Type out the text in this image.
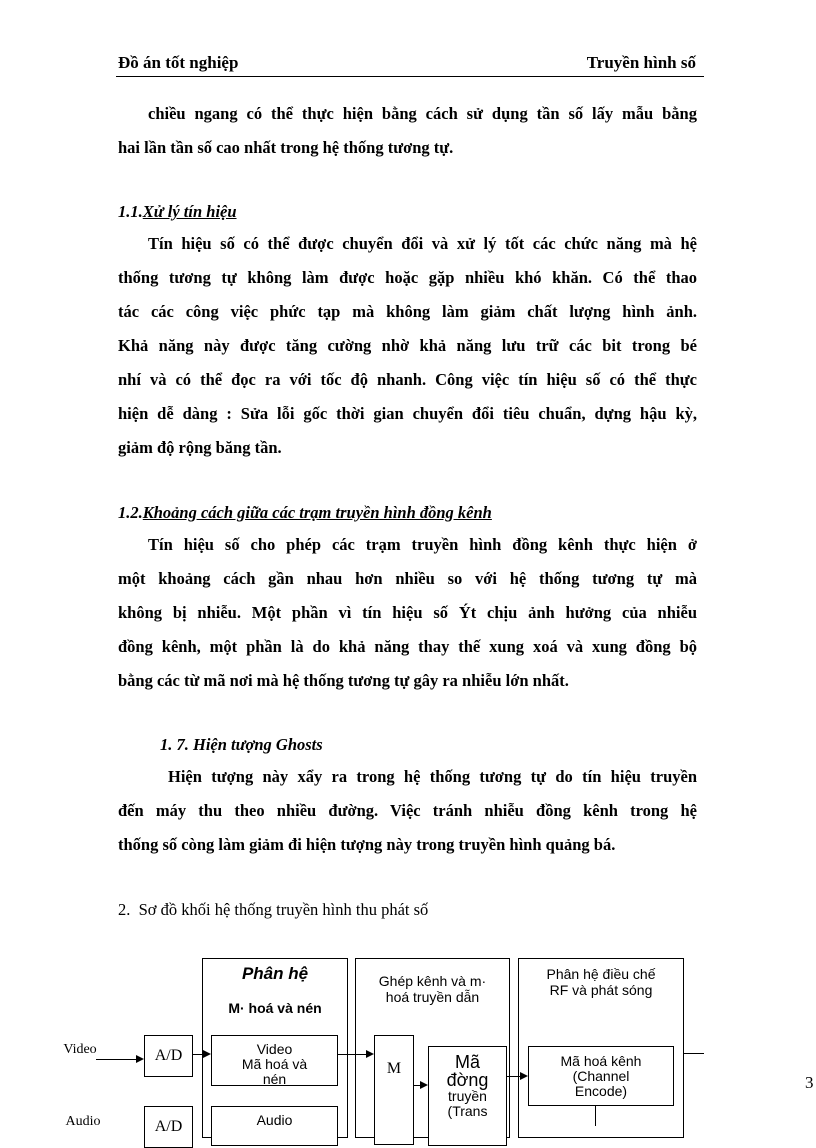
Đồ án tốt nghiệp	Truyền hình số
chiều ngang có thể thực hiện bằng cách sử dụng tần số lấy mẫu bằng
hai lần tần số cao nhất trong hệ thống tương tự.
1.1.Xử lý tín hiệu
Tín hiệu số có thể được chuyển đổi và xử lý tốt các chức năng mà hệ
thống tương tự không làm được hoặc gặp nhiều khó khăn. Có thể thao
tác các công việc phức tạp mà không làm giảm chất lượng hình ảnh.
Khả năng này được tăng cường nhờ khả năng lưu trữ các bit trong bé
nhí và có thể đọc ra với tốc độ nhanh. Công việc tín hiệu số có thể thực
hiện dễ dàng : Sửa lỗi gốc thời gian chuyển đổi tiêu chuẩn, dựng hậu kỳ,
giảm độ rộng băng tần.
1.2.Khoảng cách giữa các trạm truyền hình đồng kênh
Tín hiệu số cho phép các trạm truyền hình đồng kênh thực hiện ở
một khoảng cách gần nhau hơn nhiều so với hệ thống tương tự mà
không bị nhiễu. Một phần vì tín hiệu số Ýt chịu ảnh hưởng của nhiễu
đồng kênh, một phần là do khả năng thay thế xung xoá và xung đồng bộ
bằng các từ mã nơi mà hệ thống tương tự gây ra nhiễu lớn nhất.
1. 7. Hiện tượng Ghosts
Hiện tượng này xẩy ra trong hệ thống tương tự do tín hiệu truyền
đến máy thu theo nhiều đường. Việc tránh nhiễu đồng kênh trong hệ
thống số còng làm giảm đi hiện tượng này trong truyền hình quảng bá.
2. Sơ đồ khối hệ thống truyền hình thu phát số
Phân hệ
M· hoá và nén
Ghép kênh và m·
hoá truyền dẫn
Phân hệ điều chế
RF và phát sóng
Video	A/D	Video
Mã hoá và
nén
M	Mã
đờng
truyền
(Trans
Mã hoá kênh
(Channel
Encode)
Audio	A/D	Audio
3
